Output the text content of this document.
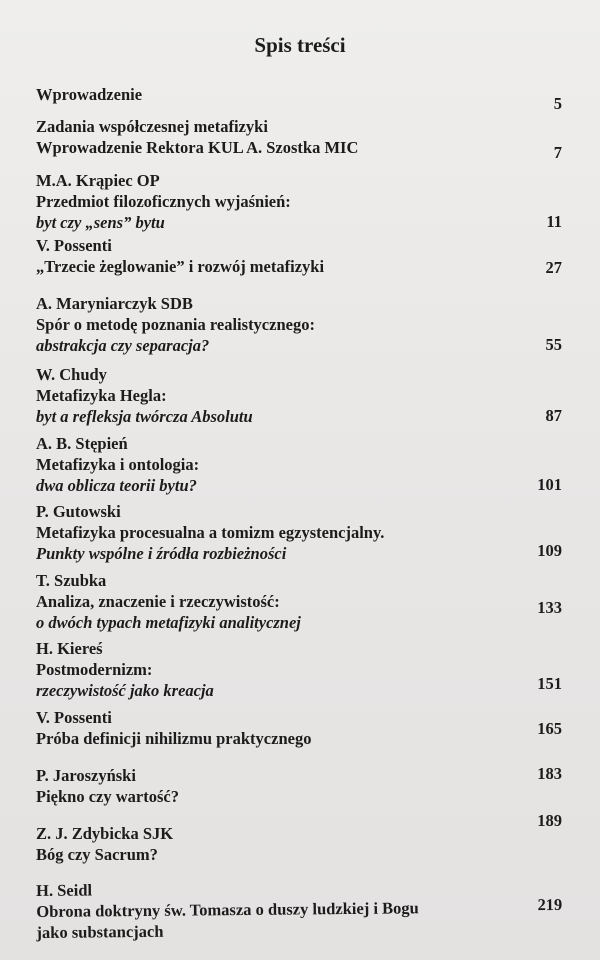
Spis treści
Wprowadzenie	5
Zadania współczesnej metafizyki
Wprowadzenie Rektora KUL A. Szostka MIC	7
M.A. Krąpiec OP
Przedmiot filozoficznych wyjaśnień:
byt czy „sens” bytu	11
V. Possenti
„Trzecie żeglowanie” i rozwój metafizyki	27
A. Maryniarczyk SDB
Spór o metodę poznania realistycznego:
abstrakcja czy separacja?	55
W. Chudy
Metafizyka Hegla:
byt a refleksja twórcza Absolutu	87
A. B. Stępień
Metafizyka i ontologia:
dwa oblicza teorii bytu?	101
P. Gutowski
Metafizyka procesualna a tomizm egzystencjalny.
Punkty wspólne i źródła rozbieżności	109
T. Szubka
Analiza, znaczenie i rzeczywistość:
o dwóch typach metafizyki analitycznej
133
H. Kiereś
Postmodernizm:
rzeczywistość jako kreacja	151
V. Possenti
Próba definicji nihilizmu praktycznego
165
P. Jaroszyński
Piękno czy wartość?
183
Z. J. Zdybicka SJK
Bóg czy Sacrum?
189
H. Seidl
Obrona doktryny św. Tomasza o duszy ludzkiej i Bogu
jako substancjach
219
